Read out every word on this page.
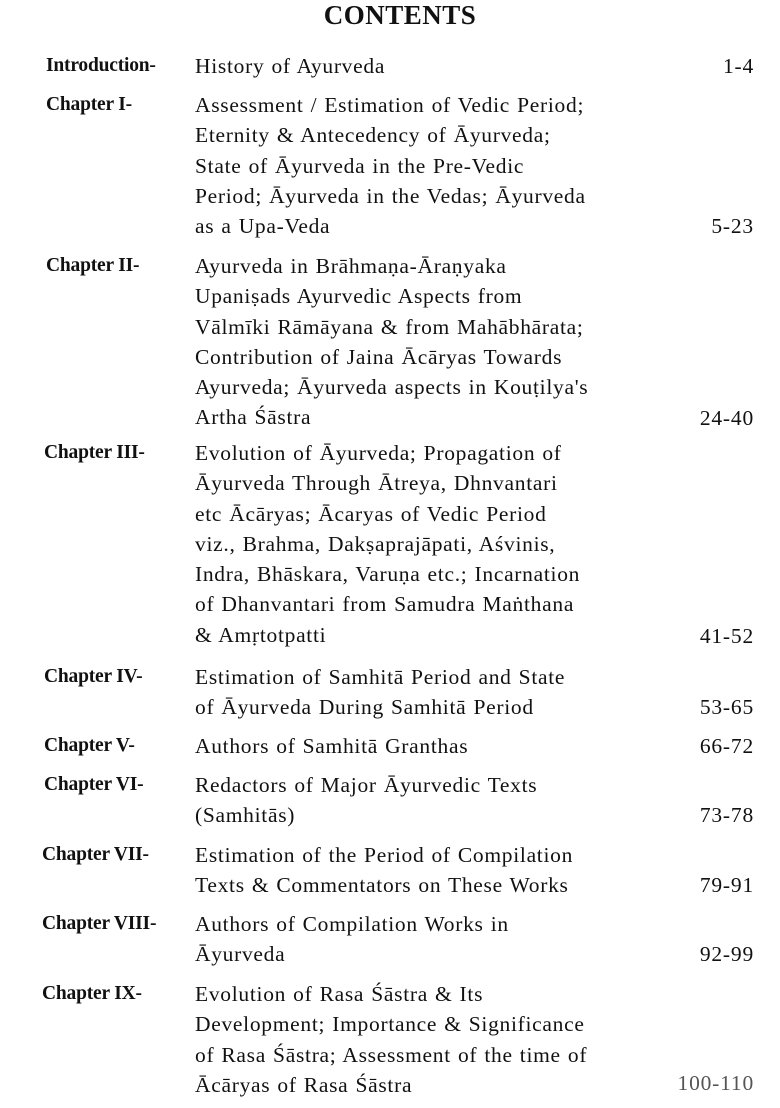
CONTENTS
Introduction- History of Ayurveda	1-4
Chapter I-	Assessment / Estimation of Vedic Period;
Eternity & Antecedency of Āyurveda;
State of Āyurveda in the Pre-Vedic
Period; Āyurveda in the Vedas; Āyurveda
as a Upa-Veda	5-23
Chapter II-	Ayurveda in Brāhmaṇa-Āraṇyaka
Upaniṣads Ayurvedic Aspects from
Vālmīki Rāmāyana & from Mahābhārata;
Contribution of Jaina Ācāryas Towards
Ayurveda; Āyurveda aspects in Kouṭilya's
Artha Śāstra	24-40
Chapter III- Evolution of Āyurveda; Propagation of
Āyurveda Through Ātreya, Dhnvantari
etc Ācāryas; Ācaryas of Vedic Period
viz., Brahma, Dakṣaprajāpati, Aśvinis,
Indra, Bhāskara, Varuṇa etc.; Incarnation
of Dhanvantari from Samudra Maṅthana
& Amṛtotpatti	41-52
Chapter IV- Estimation of Samhitā Period and State
of Āyurveda During Samhitā Period	53-65
Chapter V-	Authors of Samhitā Granthas	66-72
Chapter VI- Redactors of Major Āyurvedic Texts
(Samhitās)	73-78
Chapter VII- Estimation of the Period of Compilation
Texts & Commentators on These Works	79-91
Chapter VIII- Authors of Compilation Works in
Āyurveda	92-99
Chapter IX- Evolution of Rasa Śāstra & Its
Development; Importance & Significance
of Rasa Śāstra; Assessment of the time of
Ācāryas of Rasa Śāstra	100-110
